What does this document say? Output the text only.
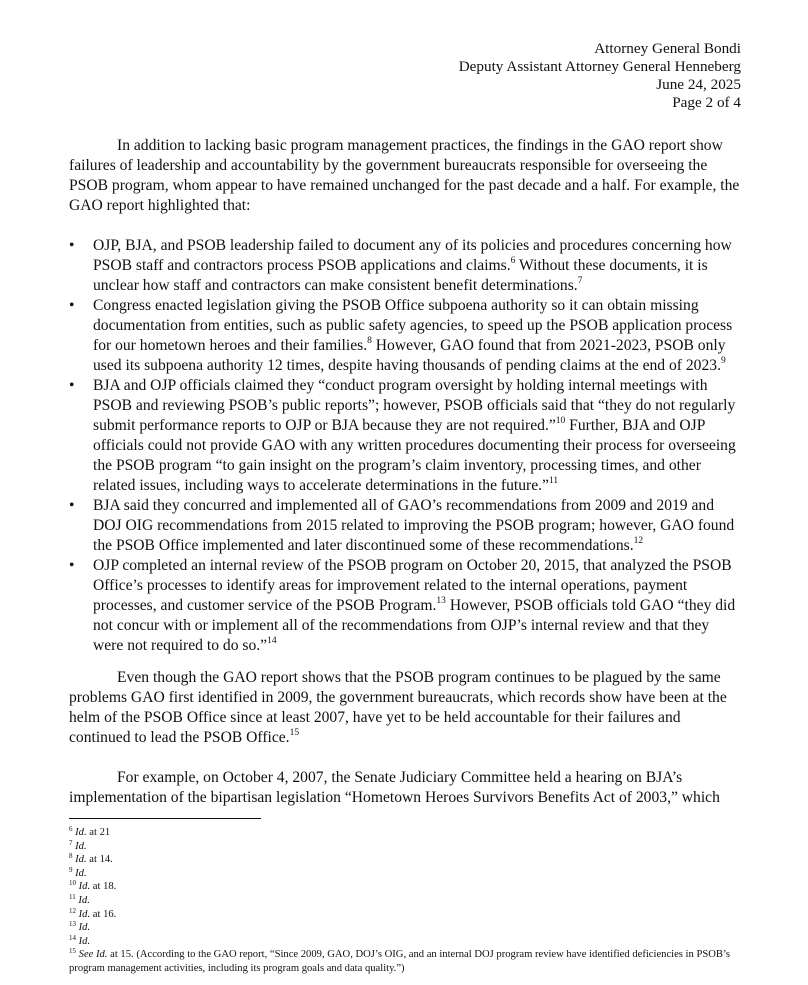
Attorney General Bondi
Deputy Assistant Attorney General Henneberg
June 24, 2025
Page 2 of 4

In addition to lacking basic program management practices, the findings in the GAO report show failures of leadership and accountability by the government bureaucrats responsible for overseeing the PSOB program, whom appear to have remained unchanged for the past decade and a half. For example, the GAO report highlighted that:

•	OJP, BJA, and PSOB leadership failed to document any of its policies and procedures concerning how PSOB staff and contractors process PSOB applications and claims.$^6$ Without these documents, it is unclear how staff and contractors can make consistent benefit determinations.$^7$
•	Congress enacted legislation giving the PSOB Office subpoena authority so it can obtain missing documentation from entities, such as public safety agencies, to speed up the PSOB application process for our hometown heroes and their families.$^8$ However, GAO found that from 2021-2023, PSOB only used its subpoena authority 12 times, despite having thousands of pending claims at the end of 2023.$^9$
•	BJA and OJP officials claimed they “conduct program oversight by holding internal meetings with PSOB and reviewing PSOB’s public reports”; however, PSOB officials said that “they do not regularly submit performance reports to OJP or BJA because they are not required.”$^{10}$ Further, BJA and OJP officials could not provide GAO with any written procedures documenting their process for overseeing the PSOB program “to gain insight on the program’s claim inventory, processing times, and other related issues, including ways to accelerate determinations in the future.”$^{11}$
•	BJA said they concurred and implemented all of GAO’s recommendations from 2009 and 2019 and DOJ OIG recommendations from 2015 related to improving the PSOB program; however, GAO found the PSOB Office implemented and later discontinued some of these recommendations.$^{12}$
•	OJP completed an internal review of the PSOB program on October 20, 2015, that analyzed the PSOB Office’s processes to identify areas for improvement related to the internal operations, payment processes, and customer service of the PSOB Program.$^{13}$ However, PSOB officials told GAO “they did not concur with or implement all of the recommendations from OJP’s internal review and that they were not required to do so.”$^{14}$

Even though the GAO report shows that the PSOB program continues to be plagued by the same problems GAO first identified in 2009, the government bureaucrats, which records show have been at the helm of the PSOB Office since at least 2007, have yet to be held accountable for their failures and continued to lead the PSOB Office.$^{15}$

For example, on October 4, 2007, the Senate Judiciary Committee held a hearing on BJA’s implementation of the bipartisan legislation “Hometown Heroes Survivors Benefits Act of 2003,” which

$^6$ Id. at 21
$^7$ Id.
$^8$ Id. at 14.
$^9$ Id.
$^{10}$ Id. at 18.
$^{11}$ Id.
$^{12}$ Id. at 16.
$^{13}$ Id.
$^{14}$ Id.
$^{15}$ See Id. at 15. (According to the GAO report, “Since 2009, GAO, DOJ’s OIG, and an internal DOJ program review have identified deficiencies in PSOB’s program management activities, including its program goals and data quality.”)
